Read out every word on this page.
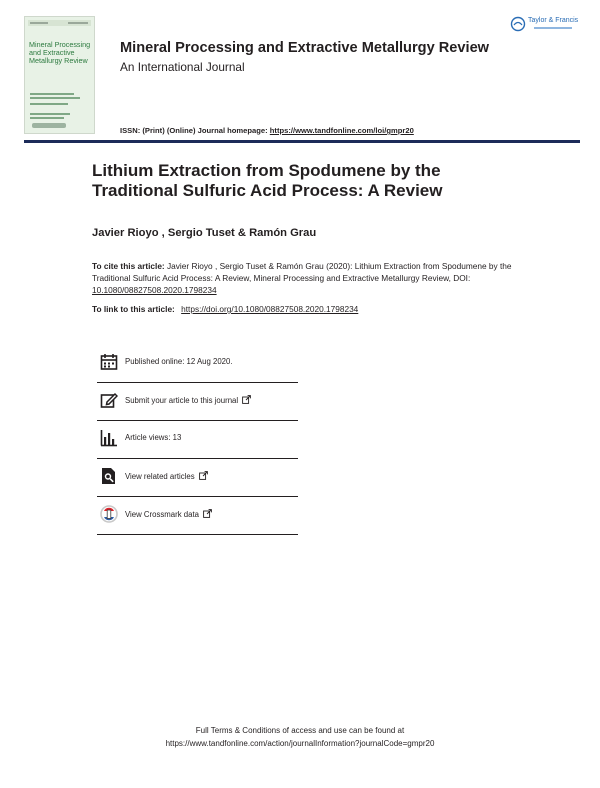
Mineral Processing and Extractive Metallurgy Review
Mineral Processing and Extractive Metallurgy Review
An International Journal
ISSN: (Print) (Online) Journal homepage: https://www.tandfonline.com/loi/gmpr20
Taylor & Francis
Lithium Extraction from Spodumene by the Traditional Sulfuric Acid Process: A Review
Javier Rioyo , Sergio Tuset & Ramón Grau
To cite this article: Javier Rioyo , Sergio Tuset & Ramón Grau (2020): Lithium Extraction from Spodumene by the Traditional Sulfuric Acid Process: A Review, Mineral Processing and Extractive Metallurgy Review, DOI: 10.1080/08827508.2020.1798234
To link to this article: https://doi.org/10.1080/08827508.2020.1798234
Published online: 12 Aug 2020.
Submit your article to this journal
Article views: 13
View related articles
View Crossmark data
Full Terms & Conditions of access and use can be found at
https://www.tandfonline.com/action/journalInformation?journalCode=gmpr20
